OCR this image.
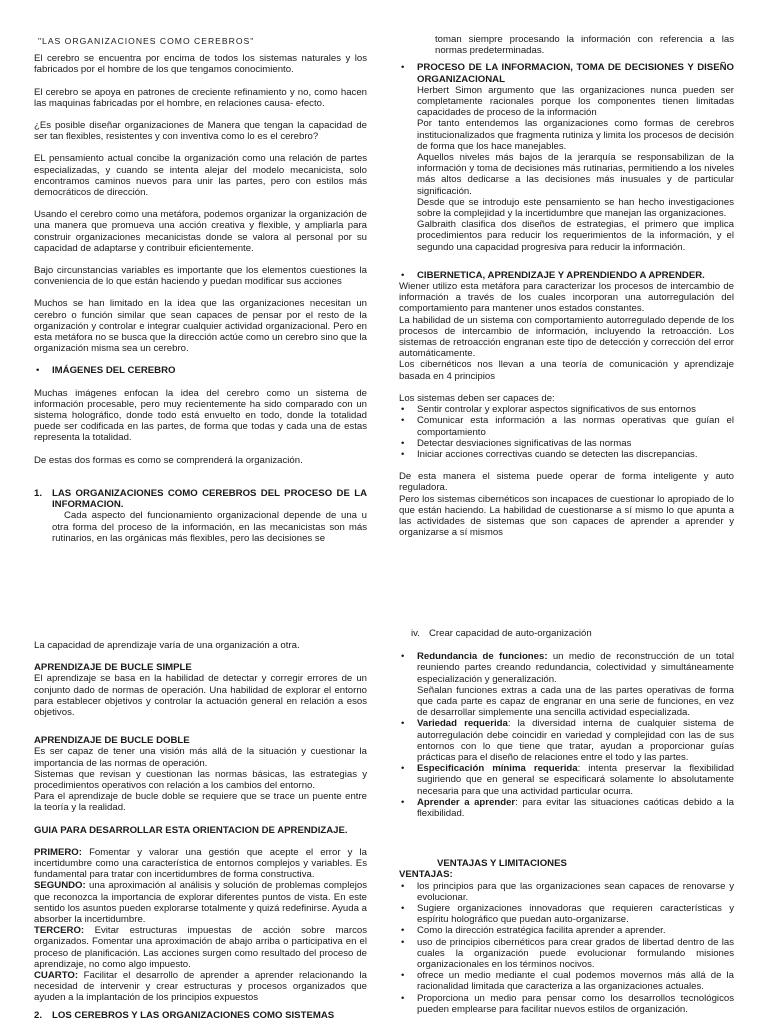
"LAS ORGANIZACIONES COMO CEREBROS"

El cerebro se encuentra por encima de todos los sistemas naturales y los fabricados por el hombre de los que tengamos conocimiento.

El cerebro se apoya en patrones de creciente refinamiento y no, como hacen las maquinas fabricadas por el hombre, en relaciones causa- efecto.

¿Es posible diseñar organizaciones de Manera que tengan la capacidad de ser tan flexibles, resistentes y con inventiva como lo es el cerebro?

EL pensamiento actual concibe la organización como una relación de partes especializadas, y cuando se intenta alejar del modelo mecanicista, solo encontramos caminos nuevos para unir las partes, pero con estilos más democráticos de dirección.

Usando el cerebro como una metáfora, podemos organizar la organización de una manera que promueva una acción creativa y flexible, y ampliarla para construir organizaciones mecanicistas donde se valora al personal por su capacidad de adaptarse y contribuir eficientemente.

Bajo circunstancias variables es importante que los elementos cuestiones la conveniencia de lo que están haciendo y puedan modificar sus acciones

Muchos se han limitado en la idea que las organizaciones necesitan un cerebro o función similar que sean capaces de pensar por el resto de la organización y controlar e integrar cualquier actividad organizacional. Pero en esta metáfora no se busca que la dirección actúe como un cerebro sino que la organización misma sea un cerebro.

• IMÁGENES DEL CEREBRO

Muchas imágenes enfocan la idea del cerebro como un sistema de información procesable, pero muy recientemente ha sido comparado con un sistema holográfico, donde todo está envuelto en todo, donde la totalidad puede ser codificada en las partes, de forma que todas y cada una de estas representa la totalidad.

De estas dos formas es como se comprenderá la organización.

1. LAS ORGANIZACIONES COMO CEREBROS DEL PROCESO DE LA INFORMACION.

Cada aspecto del funcionamiento organizacional depende de una u otra forma del proceso de la información, en las mecanicistas son más rutinarios, en las orgánicas más flexibles, pero las decisiones se

toman siempre procesando la información con referencia a las normas predeterminadas.

• PROCESO DE LA INFORMACION, TOMA DE DECISIONES Y DISEÑO ORGANIZACIONAL

Herbert Simon argumento que las organizaciones nunca pueden ser completamente racionales porque los componentes tienen limitadas capacidades de proceso de la información

Por tanto entendemos las organizaciones como formas de cerebros institucionalizados que fragmenta rutiniza y limita los procesos de decisión de forma que los hace manejables.

Aquellos niveles más bajos de la jerarquía se responsabilizan de la información y toma de decisiones más rutinarias, permitiendo a los niveles más altos dedicarse a las decisiones más inusuales y de particular significación.

Desde que se introdujo este pensamiento se han hecho investigaciones sobre la complejidad y la incertidumbre que manejan las organizaciones.

Galbraith clasifica dos diseños de estrategias, el primero que implica procedimientos para reducir los requerimientos de la información, y el segundo una capacidad progresiva para reducir la información.

• CIBERNETICA, APRENDIZAJE Y APRENDIENDO A APRENDER.

Wiener utilizo esta metáfora para caracterizar los procesos de intercambio de información a través de los cuales incorporan una autorregulación del comportamiento para mantener unos estados constantes.

La habilidad de un sistema con comportamiento autorregulado depende de los procesos de intercambio de información, incluyendo la retroacción. Los sistemas de retroacción engranan este tipo de detección y corrección del error automáticamente.

Los cibernéticos nos llevan a una teoría de comunicación y aprendizaje basada en 4 principios

Los sistemas deben ser capaces de:

• Sentir controlar y explorar aspectos significativos de sus entornos
• Comunicar esta información a las normas operativas que guían el comportamiento
• Detectar desviaciones significativas de las normas
• Iniciar acciones correctivas cuando se detecten las discrepancias.

De esta manera el sistema puede operar de forma inteligente y auto reguladora.

Pero los sistemas cibernéticos son incapaces de cuestionar lo apropiado de lo que están haciendo. La habilidad de cuestionarse a sí mismo lo que apunta a las actividades de sistemas que son capaces de aprender a aprender y organizarse a sí mismos

La capacidad de aprendizaje varía de una organización a otra.

APRENDIZAJE DE BUCLE SIMPLE

El aprendizaje se basa en la habilidad de detectar y corregir errores de un conjunto dado de normas de operación. Una habilidad de explorar el entorno para establecer objetivos y controlar la actuación general en relación a esos objetivos.

APRENDIZAJE DE BUCLE DOBLE

Es ser capaz de tener una visión más allá de la situación y cuestionar la importancia de las normas de operación.

Sistemas que revisan y cuestionan las normas básicas, las estrategias y procedimientos operativos con relación a los cambios del entorno.

Para el aprendizaje de bucle doble se requiere que se trace un puente entre la teoría y la realidad.

GUIA PARA DESARROLLAR ESTA ORIENTACION DE APRENDIZAJE.

PRIMERO: Fomentar y valorar una gestión que acepte el error y la incertidumbre como una característica de entornos complejos y variables. Es fundamental para tratar con incertidumbres de forma constructiva.

SEGUNDO: una aproximación al análisis y solución de problemas complejos que reconozca la importancia de explorar diferentes puntos de vista. En este sentido los asuntos pueden explorarse totalmente y quizá redefinirse. Ayuda a absorber la incertidumbre.

TERCERO: Evitar estructuras impuestas de acción sobre marcos organizados. Fomentar una aproximación de abajo arriba o participativa en el proceso de planificación. Las acciones surgen como resultado del proceso de aprendizaje, no como algo impuesto.

CUARTO: Facilitar el desarrollo de aprender a aprender relacionando la necesidad de intervenir y crear estructuras y procesos organizados que ayuden a la implantación de los principios expuestos

2. LOS CEREBROS Y LAS ORGANIZACIONES COMO SISTEMAS

iv. Crear capacidad de auto-organización

• Redundancia de funciones: un medio de reconstrucción de un total reuniendo partes creando redundancia, colectividad y simultáneamente especialización y generalización.

Señalan funciones extras a cada una de las partes operativas de forma que cada parte es capaz de engranar en una serie de funciones, en vez de desarrollar simplemente una sencilla actividad especializada.

• Variedad requerida: la diversidad interna de cualquier sistema de autorregulación debe coincidir en variedad y complejidad con las de sus entornos con lo que tiene que tratar, ayudan a proporcionar guías prácticas para el diseño de relaciones entre el todo y las partes.

• Especificación mínima requerida: intenta preservar la flexibilidad sugiriendo que en general se especificará solamente lo absolutamente necesaria para que una actividad particular ocurra.

• Aprender a aprender: para evitar las situaciones caóticas debido a la flexibilidad.

VENTAJAS Y LIMITACIONES

VENTAJAS:

• los principios para que las organizaciones sean capaces de renovarse y evolucionar.
• Sugiere organizaciones innovadoras que requieren características y espíritu holográfico que puedan auto-organizarse.
• Como la dirección estratégica facilita aprender a aprender.
• uso de principios cibernéticos para crear grados de libertad dentro de las cuales la organización puede evolucionar formulando misiones organizacionales en los términos nocivos.
• ofrece un medio mediante el cual podemos movernos más allá de la racionalidad limitada que caracteriza a las organizaciones actuales.
• Proporciona un medio para pensar como los desarrollos tecnológicos pueden emplearse para facilitar nuevos estilos de organización.
